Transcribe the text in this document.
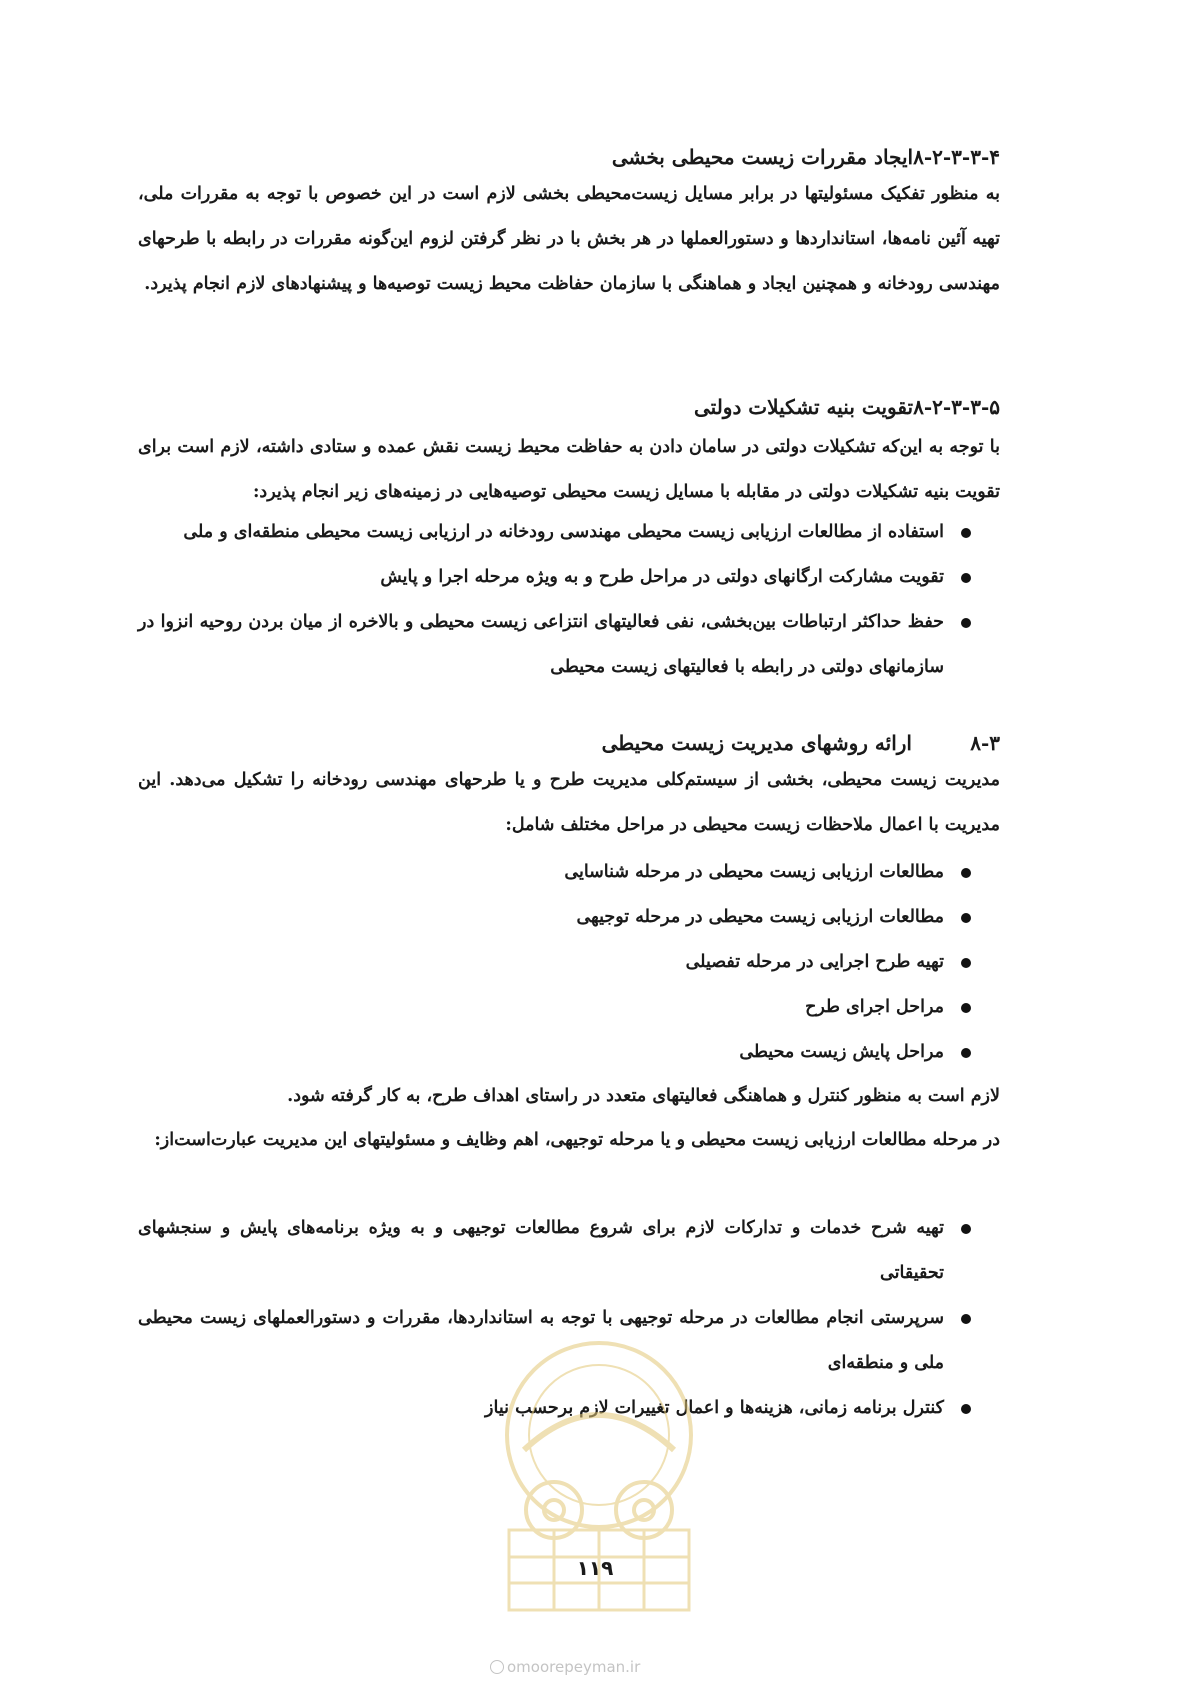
۸-۲-۳-۳-۴ایجاد مقررات زیست محیطی بخشی

به منظور تفکیک مسئولیتها در برابر مسایل زیست‌محیطی بخشی لازم است در این خصوص با توجه به مقررات ملی، تهیه آئین نامه‌ها، استانداردها و دستورالعملها در هر بخش با در نظر گرفتن لزوم این‌گونه مقررات در رابطه با طرحهای مهندسی رودخانه و همچنین ایجاد و هماهنگی با سازمان حفاظت محیط زیست توصیه‌ها و پیشنهادهای لازم انجام پذیرد.

۸-۲-۳-۳-۵تقویت بنیه تشکیلات دولتی

با توجه به این‌که تشکیلات دولتی در سامان دادن به حفاظت محیط زیست نقش عمده و ستادی داشته، لازم است برای تقویت بنیه تشکیلات دولتی در مقابله با مسایل زیست محیطی توصیه‌هایی در زمینه‌های زیر انجام پذیرد:

استفاده از مطالعات ارزیابی زیست محیطی مهندسی رودخانه در ارزیابی زیست محیطی منطقه‌ای و ملی
تقویت مشارکت ارگانهای دولتی در مراحل طرح و به ویژه مرحله اجرا و پایش
حفظ حداکثر ارتباطات بین‌بخشی، نفی فعالیتهای انتزاعی زیست محیطی و بالاخره از میان بردن روحیه انزوا در سازمانهای دولتی در رابطه با فعالیتهای زیست محیطی
۸-۳ارائه روشهای مدیریت زیست محیطی

مدیریت زیست محیطی، بخشی از سیستم‌کلی مدیریت طرح و یا طرحهای مهندسی رودخانه را تشکیل می‌دهد. این مدیریت با اعمال ملاحظات زیست محیطی در مراحل مختلف شامل:

مطالعات ارزیابی زیست محیطی در مرحله شناسایی
مطالعات ارزیابی زیست محیطی در مرحله توجیهی
تهیه طرح اجرایی در مرحله تفصیلی
مراحل اجرای طرح
مراحل پایش زیست محیطی

لازم است به منظور کنترل و هماهنگی فعالیتهای متعدد در راستای اهداف طرح، به کار گرفته شود.

در مرحله مطالعات ارزیابی زیست محیطی و یا مرحله توجیهی، اهم وظایف و مسئولیتهای این مدیریت عبارت‌است‌از:

تهیه شرح خدمات و تدارکات لازم برای شروع مطالعات توجیهی و به ویژه برنامه‌های پایش و سنجشهای تحقیقاتی
سرپرستی انجام مطالعات در مرحله توجیهی با توجه به استانداردها، مقررات و دستورالعملهای زیست محیطی ملی و منطقه‌ای
کنترل برنامه زمانی، هزینه‌ها و اعمال تغییرات لازم برحسب نیاز
۱۱۹
omoorepeyman.ir
